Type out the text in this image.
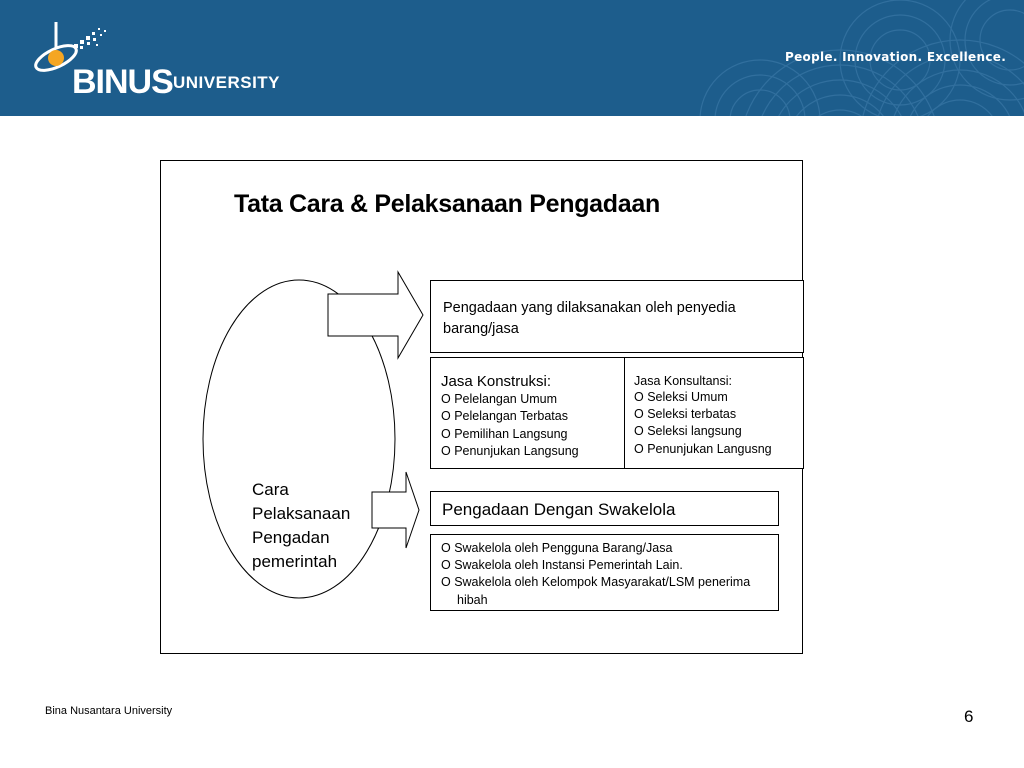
BINUS UNIVERSITY
People. Innovation. Excellence.
Tata Cara & Pelaksanaan Pengadaan
Cara
Pelaksanaan
Pengadan
pemerintah
Pengadaan yang dilaksanakan oleh penyedia barang/jasa
Jasa Konstruksi:
O Pelelangan Umum
O Pelelangan Terbatas
O Pemilihan Langsung
O Penunjukan Langsung
Jasa Konsultansi:
O Seleksi Umum
O Seleksi terbatas
O Seleksi langsung
O Penunjukan Langusng
Pengadaan Dengan Swakelola
O Swakelola oleh Pengguna Barang/Jasa
O Swakelola oleh Instansi Pemerintah Lain.
O Swakelola oleh Kelompok Masyarakat/LSM penerima
hibah
Bina Nusantara University	6
